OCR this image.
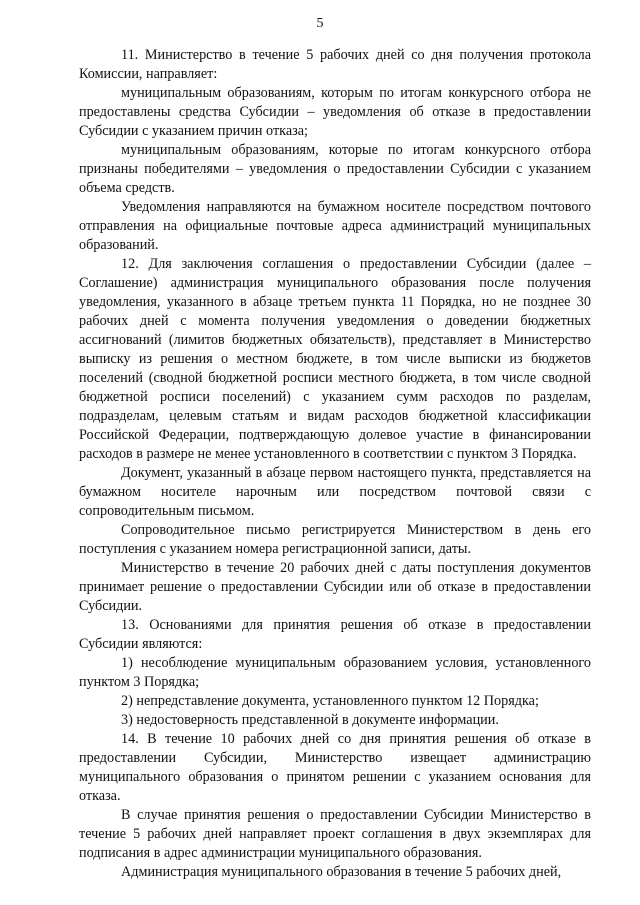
5

11. Министерство в течение 5 рабочих дней со дня получения протокола Комиссии, направляет:

муниципальным образованиям, которым по итогам конкурсного отбора не предоставлены средства Субсидии – уведомления об отказе в предоставлении Субсидии с указанием причин отказа;

муниципальным образованиям, которые по итогам конкурсного отбора признаны победителями – уведомления о предоставлении Субсидии с указанием объема средств.

Уведомления направляются на бумажном носителе посредством почтового отправления на официальные почтовые адреса администраций муниципальных образований.

12. Для заключения соглашения о предоставлении Субсидии (далее – Соглашение) администрация муниципального образования после получения уведомления, указанного в абзаце третьем пункта 11 Порядка, но не позднее 30 рабочих дней с момента получения уведомления о доведении бюджетных ассигнований (лимитов бюджетных обязательств), представляет в Министерство выписку из решения о местном бюджете, в том числе выписки из бюджетов поселений (сводной бюджетной росписи местного бюджета, в том числе сводной бюджетной росписи поселений) с указанием сумм расходов по разделам, подразделам, целевым статьям и видам расходов бюджетной классификации Российской Федерации, подтверждающую долевое участие в финансировании расходов в размере не менее установленного в соответствии с пунктом 3 Порядка.

Документ, указанный в абзаце первом настоящего пункта, представляется на бумажном носителе нарочным или посредством почтовой связи с сопроводительным письмом.

Сопроводительное письмо регистрируется Министерством в день его поступления с указанием номера регистрационной записи, даты.

Министерство в течение 20 рабочих дней с даты поступления документов принимает решение о предоставлении Субсидии или об отказе в предоставлении Субсидии.

13. Основаниями для принятия решения об отказе в предоставлении Субсидии являются:

1) несоблюдение муниципальным образованием условия, установленного пунктом 3 Порядка;

2) непредставление документа, установленного пунктом 12 Порядка;

3) недостоверность представленной в документе информации.

14. В течение 10 рабочих дней со дня принятия решения об отказе в предоставлении Субсидии, Министерство извещает администрацию муниципального образования о принятом решении с указанием основания для отказа.

В случае принятия решения о предоставлении Субсидии Министерство в течение 5 рабочих дней направляет проект соглашения в двух экземплярах для подписания в адрес администрации муниципального образования.

Администрация муниципального образования в течение 5 рабочих дней,
